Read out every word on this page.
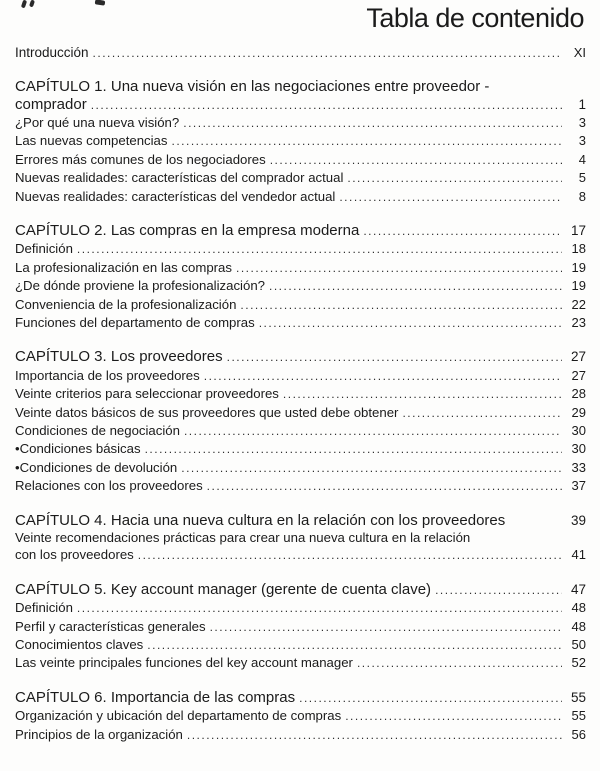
Tabla de contenido
Introducción .....	XI
CAPÍTULO 1. Una nueva visión en las negociaciones entre proveedor -
comprador .....	1
¿Por qué una nueva visión? .....	3
Las nuevas competencias .....	3
Errores más comunes de los negociadores .....	4
Nuevas realidades: características del comprador actual .....	5
Nuevas realidades: características del vendedor actual .....	8
CAPÍTULO 2. Las compras en la empresa moderna .....	17
Definición .....	18
La profesionalización en las compras .....	19
¿De dónde proviene la profesionalización? .....	19
Conveniencia de la profesionalización .....	22
Funciones del departamento de compras .....	23
CAPÍTULO 3. Los proveedores .....	27
Importancia de los proveedores .....	27
Veinte criterios para seleccionar proveedores .....	28
Veinte datos básicos de sus proveedores que usted debe obtener .....	29
Condiciones de negociación .....	30
•Condiciones básicas .....	30
•Condiciones de devolución .....	33
Relaciones con los proveedores .....	37
CAPÍTULO 4. Hacia una nueva cultura en la relación con los proveedores	39
Veinte recomendaciones prácticas para crear una nueva cultura en la relación
con los proveedores .....	41
CAPÍTULO 5. Key account manager (gerente de cuenta clave) .....	47
Definición .....	48
Perfil y características generales .....	48
Conocimientos claves .....	50
Las veinte principales funciones del key account manager .....	52
CAPÍTULO 6. Importancia de las compras .....	55
Organización y ubicación del departamento de compras .....	55
Principios de la organización .....	56
